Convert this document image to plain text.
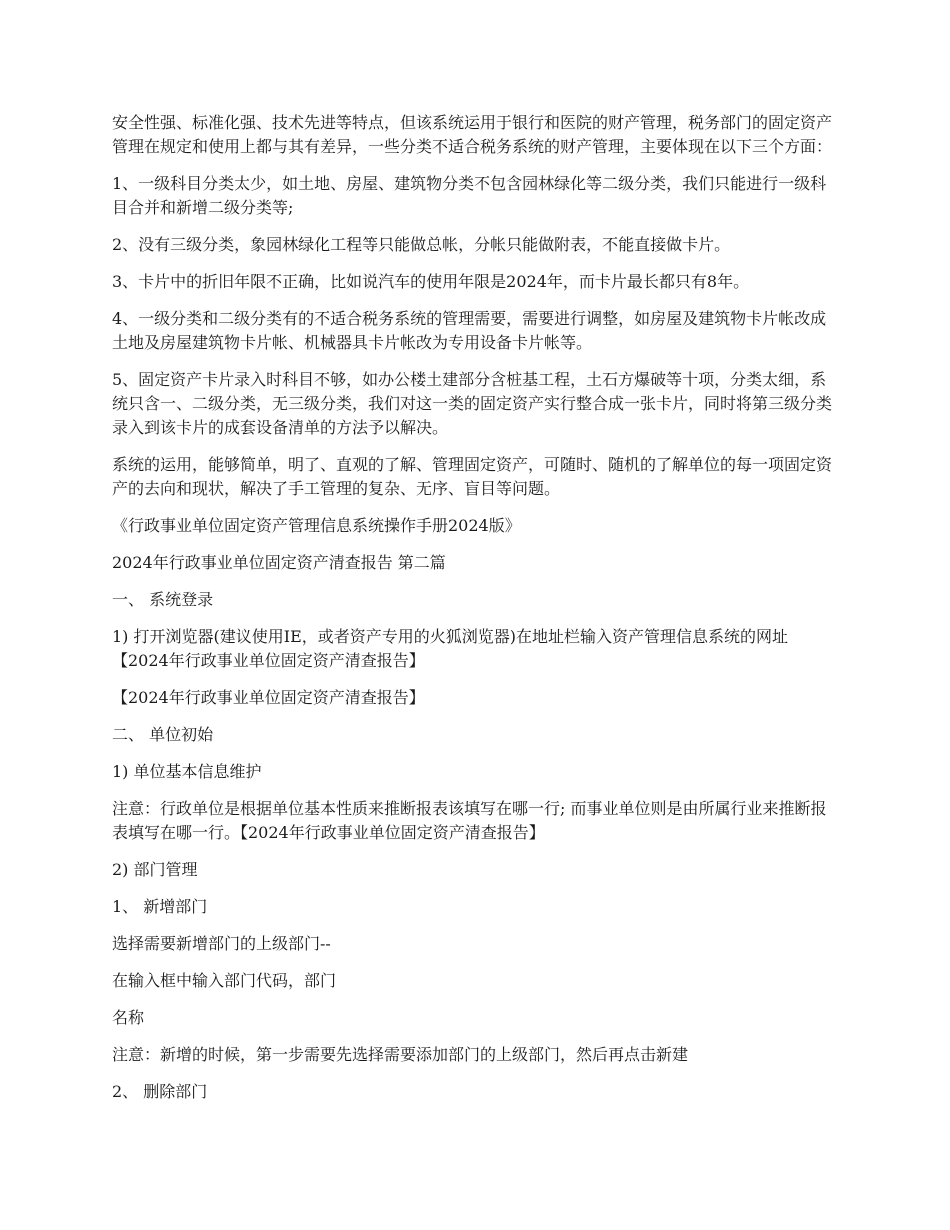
安全性强、标准化强、技术先进等特点，但该系统运用于银行和医院的财产管理，税务部门的固定资产管理在规定和使用上都与其有差异，一些分类不适合税务系统的财产管理，主要体现在以下三个方面：

1、一级科目分类太少，如土地、房屋、建筑物分类不包含园林绿化等二级分类，我们只能进行一级科目合并和新增二级分类等;

2、没有三级分类，象园林绿化工程等只能做总帐，分帐只能做附表，不能直接做卡片。

3、卡片中的折旧年限不正确，比如说汽车的使用年限是2024年，而卡片最长都只有8年。

4、一级分类和二级分类有的不适合税务系统的管理需要，需要进行调整，如房屋及建筑物卡片帐改成土地及房屋建筑物卡片帐、机械器具卡片帐改为专用设备卡片帐等。

5、固定资产卡片录入时科目不够，如办公楼土建部分含桩基工程，土石方爆破等十项，分类太细，系统只含一、二级分类，无三级分类，我们对这一类的固定资产实行整合成一张卡片，同时将第三级分类录入到该卡片的成套设备清单的方法予以解决。

系统的运用，能够简单，明了、直观的了解、管理固定资产，可随时、随机的了解单位的每一项固定资产的去向和现状，解决了手工管理的复杂、无序、盲目等问题。

《行政事业单位固定资产管理信息系统操作手册2024版》

2024年行政事业单位固定资产清查报告 第二篇

一、 系统登录

1) 打开浏览器(建议使用IE，或者资产专用的火狐浏览器)在地址栏输入资产管理信息系统的网址【2024年行政事业单位固定资产清查报告】

【2024年行政事业单位固定资产清查报告】

二、 单位初始

1) 单位基本信息维护

注意：行政单位是根据单位基本性质来推断报表该填写在哪一行; 而事业单位则是由所属行业来推断报表填写在哪一行。【2024年行政事业单位固定资产清查报告】

2) 部门管理

1、 新增部门

选择需要新增部门的上级部门--

在输入框中输入部门代码，部门

名称

注意：新增的时候，第一步需要先选择需要添加部门的上级部门，然后再点击新建

2、 删除部门
